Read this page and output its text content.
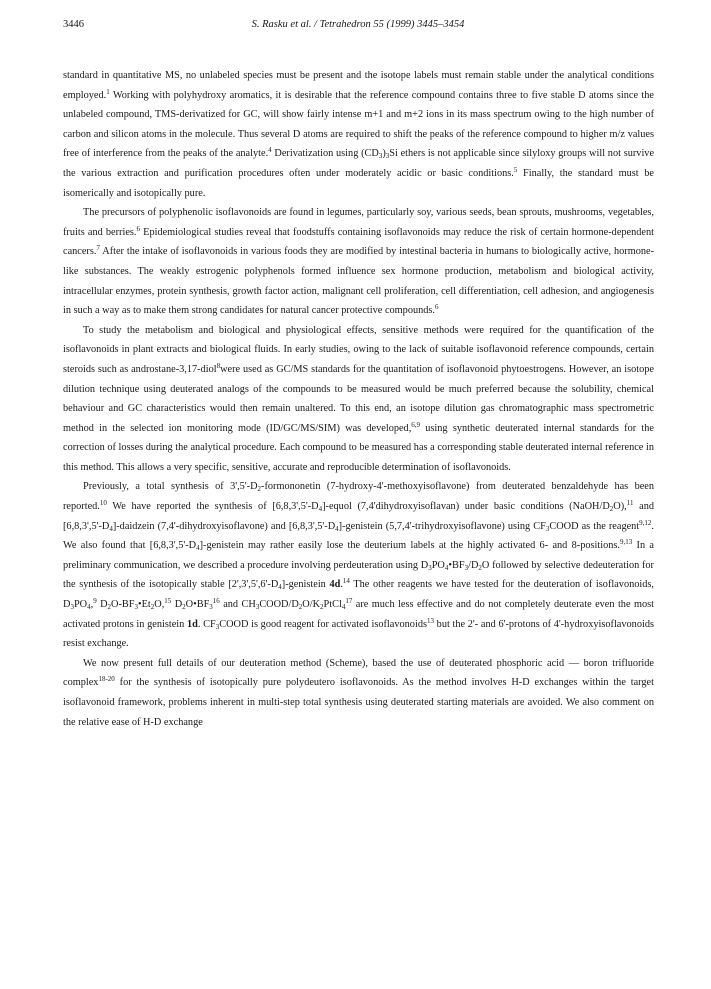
3446	S. Rasku et al. / Tetrahedron 55 (1999) 3445–3454

standard in quantitative MS, no unlabeled species must be present and the isotope labels must remain stable under the analytical conditions employed.$^1$ Working with polyhydroxy aromatics, it is desirable that the reference compound contains three to five stable D atoms since the unlabeled compound, TMS-derivatized for GC, will show fairly intense m+1 and m+2 ions in its mass spectrum owing to the high number of carbon and silicon atoms in the molecule. Thus several D atoms are required to shift the peaks of the reference compound to higher m/z values free of interference from the peaks of the analyte.$^4$ Derivatization using $(CD_3)_3Si$ ethers is not applicable since silyloxy groups will not survive the various extraction and purification procedures often under moderately acidic or basic conditions.$^5$ Finally, the standard must be isomerically and isotopically pure.

The precursors of polyphenolic isoflavonoids are found in legumes, particularly soy, various seeds, bean sprouts, mushrooms, vegetables, fruits and berries.$^6$ Epidemiological studies reveal that foodstuffs containing isoflavonoids may reduce the risk of certain hormone-dependent cancers.$^7$ After the intake of isoflavonoids in various foods they are modified by intestinal bacteria in humans to biologically active, hormone-like substances. The weakly estrogenic polyphenols formed influence sex hormone production, metabolism and biological activity, intracellular enzymes, protein synthesis, growth factor action, malignant cell proliferation, cell differentiation, cell adhesion, and angiogenesis in such a way as to make them strong candidates for natural cancer protective compounds.$^6$

To study the metabolism and biological and physiological effects, sensitive methods were required for the quantification of the isoflavonoids in plant extracts and biological fluids. In early studies, owing to the lack of suitable isoflavonoid reference compounds, certain steroids such as androstane-3,17-diol$^8$were used as GC/MS standards for the quantitation of isoflavonoid phytoestrogens. However, an isotope dilution technique using deuterated analogs of the compounds to be measured would be much preferred because the solubility, chemical behaviour and GC characteristics would then remain unaltered. To this end, an isotope dilution gas chromatographic mass spectrometric method in the selected ion monitoring mode (ID/GC/MS/SIM) was developed,$^{6,9}$ using synthetic deuterated internal standards for the correction of losses during the analytical procedure. Each compound to be measured has a corresponding stable deuterated internal reference in this method. This allows a very specific, sensitive, accurate and reproducible determination of isoflavonoids.

Previously, a total synthesis of $3',5'-D_2$-formononetin (7-hydroxy-4'-methoxyisoflavone) from deuterated benzaldehyde has been reported.$^{10}$ We have reported the synthesis of $[6,8,3',5'-D_4]$-equol (7,4'dihydroxyisoflavan) under basic conditions $(NaOH/D_2O),^{11}$ and $[6,8,3',5'-D_4]$-daidzein (7,4'-dihydroxyisoflavone) and $[6,8,3',5'-D_4]$-genistein (5,7,4'-trihydroxyisoflavone) using $CF_3COOD$ as the reagent$^{9,12}$. We also found that $[6,8,3',5'-D_4]$-genistein may rather easily lose the deuterium labels at the highly activated 6- and 8-positions.$^{9,13}$ In a preliminary communication, we described a procedure involving perdeuteration using $D_3PO_4•BF_3/D_2O$ followed by selective dedeuteration for the synthesis of the isotopically stable $[2',3',5',6'-D_4]$-genistein 4d.$^{14}$ The other reagents we have tested for the deuteration of isoflavonoids, $D_3PO_4,^9$ $D_2O-BF_3•Et_2O,^{15}$ $D_2O•BF_3^{16}$ and $CH_3COOD/D_2O/K_2PtCl_4^{17}$ are much less effective and do not completely deuterate even the most activated protons in genistein 1d. $CF_3COOD$ is good reagent for activated isoflavonoids$^{13}$ but the 2'- and 6'-protons of 4'-hydroxyisoflavonoids resist exchange.

We now present full details of our deuteration method (Scheme), based the use of deuterated phosphoric acid — boron trifluoride complex$^{18-20}$ for the synthesis of isotopically pure polydeutero isoflavonoids. As the method involves H-D exchanges within the target isoflavonoid framework, problems inherent in multi-step total synthesis using deuterated starting materials are avoided. We also comment on the relative ease of H-D exchange
